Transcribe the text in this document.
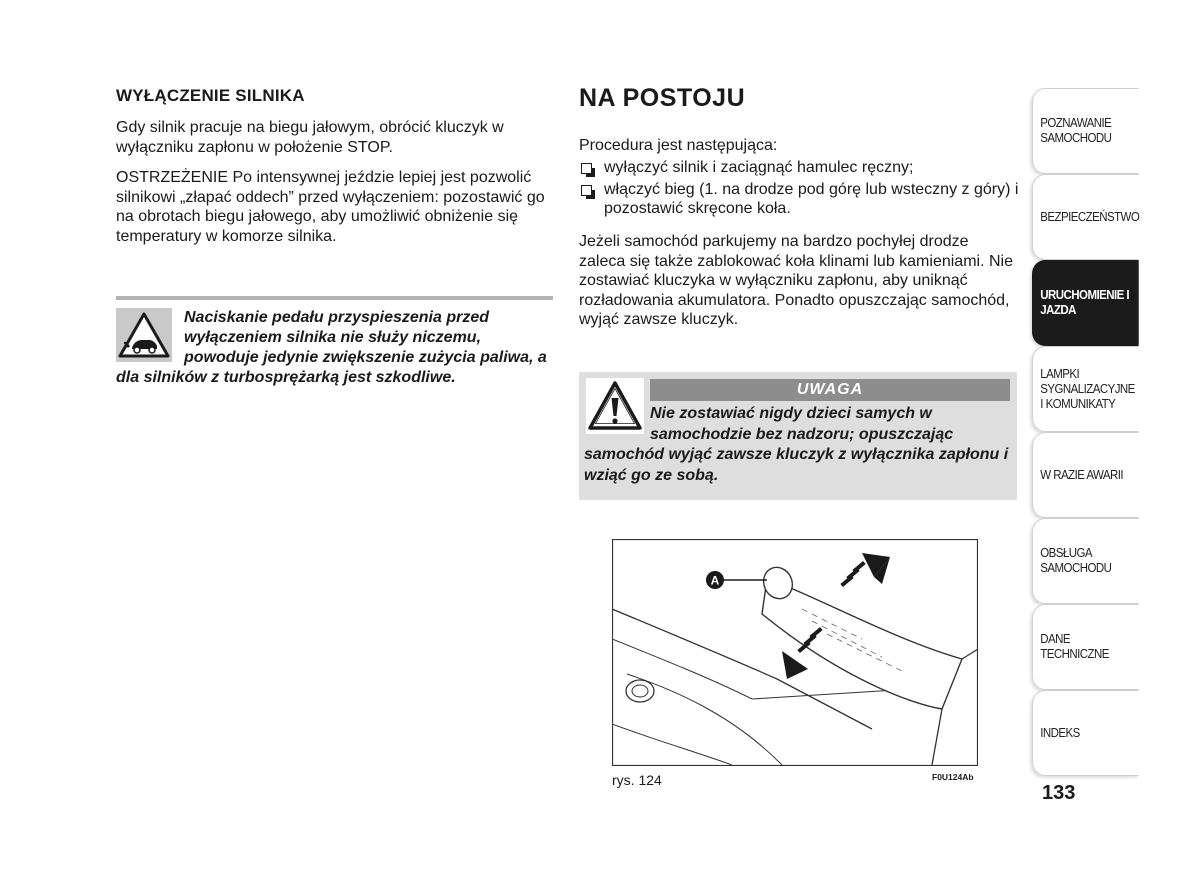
WYŁĄCZENIE SILNIKA

Gdy silnik pracuje na biegu jałowym, obrócić kluczyk w wyłączniku zapłonu w położenie STOP.

OSTRZEŻENIE Po intensywnej jeździe lepiej jest pozwolić silnikowi „złapać oddech” przed wyłączeniem: pozostawić go na obrotach biegu jałowego, aby umożliwić obniżenie się temperatury w komorze silnika.

Naciskanie pedału przyspieszenia przed wyłączeniem silnika nie służy niczemu, powoduje jedynie zwiększenie zużycia paliwa, a dla silników z turbosprężarką jest szkodliwe.
NA POSTOJU

Procedura jest następująca:

wyłączyć silnik i zaciągnąć hamulec ręczny;
włączyć bieg (1. na drodze pod górę lub wsteczny z góry) i pozostawić skręcone koła.

Jeżeli samochód parkujemy na bardzo pochyłej drodze zaleca się także zablokować koła klinami lub kamieniami. Nie zostawiać kluczyka w wyłączniku zapłonu, aby uniknąć rozładowania akumulatora. Ponadto opuszczając samochód, wyjąć zawsze kluczyk.

UWAGA
Nie zostawiać nigdy dzieci samych w samochodzie bez nadzoru; opuszczając samochód wyjąć zawsze kluczyk z wyłącznika zapłonu i wziąć go ze sobą.
A
rys. 124	F0U124Ab
POZNAWANIE SAMOCHODU
BEZPIECZEŃSTWO
URUCHOMIENIE I JAZDA
LAMPKI SYGNALIZACYJNE I KOMUNIKATY
W RAZIE AWARII
OBSŁUGA SAMOCHODU
DANE TECHNICZNE
INDEKS
133
